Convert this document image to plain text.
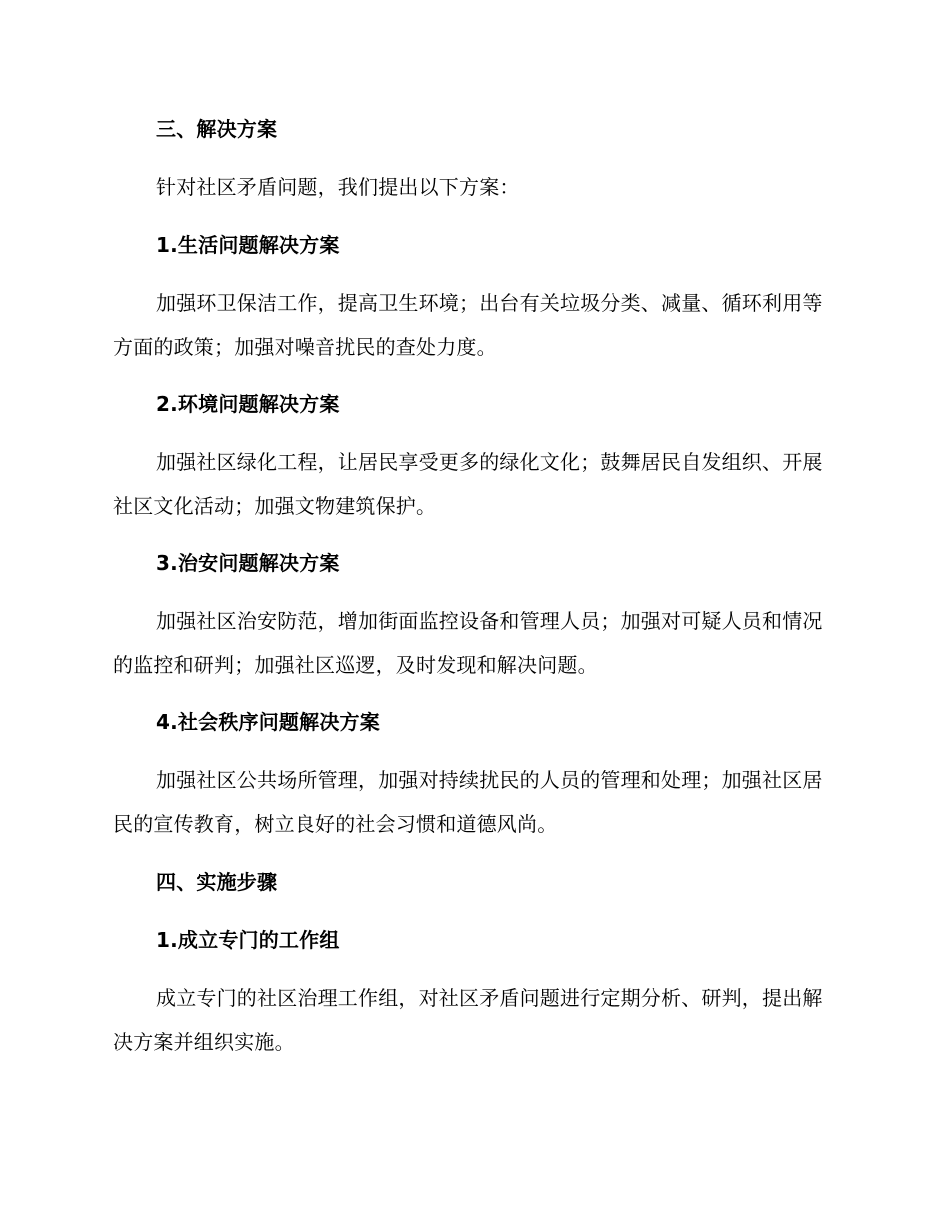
三、解决方案
针对社区矛盾问题，我们提出以下方案：
1.生活问题解决方案
加强环卫保洁工作，提高卫生环境；出台有关垃圾分类、减量、循环利用等方面的政策；加强对噪音扰民的查处力度。
2.环境问题解决方案
加强社区绿化工程，让居民享受更多的绿化文化；鼓舞居民自发组织、开展社区文化活动；加强文物建筑保护。
3.治安问题解决方案
加强社区治安防范，增加街面监控设备和管理人员；加强对可疑人员和情况的监控和研判；加强社区巡逻，及时发现和解决问题。
4.社会秩序问题解决方案
加强社区公共场所管理，加强对持续扰民的人员的管理和处理；加强社区居民的宣传教育，树立良好的社会习惯和道德风尚。
四、实施步骤
1.成立专门的工作组
成立专门的社区治理工作组，对社区矛盾问题进行定期分析、研判，提出解决方案并组织实施。
